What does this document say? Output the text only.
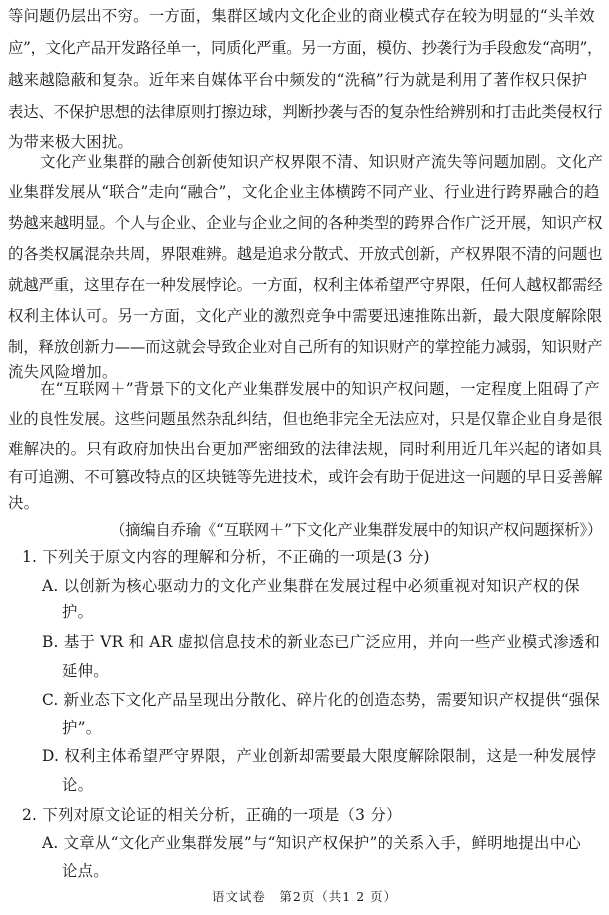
等问题仍层出不穷。一方面，集群区域内文化企业的商业模式存在较为明显的“头羊效
应”，文化产品开发路径单一，同质化严重。另一方面，模仿、抄袭行为手段愈发“高明”，
越来越隐蔽和复杂。近年来自媒体平台中频发的“洗稿”行为就是利用了著作权只保护
表达、不保护思想的法律原则打擦边球，判断抄袭与否的复杂性给辨别和打击此类侵权行
为带来极大困扰。
文化产业集群的融合创新使知识产权界限不清、知识财产流失等问题加剧。文化产
业集群发展从“联合”走向“融合”，文化企业主体横跨不同产业、行业进行跨界融合的趋
势越来越明显。个人与企业、企业与企业之间的各种类型的跨界合作广泛开展，知识产权
的各类权属混杂共周，界限难辨。越是追求分散式、开放式创新，产权界限不清的问题也
就越严重，这里存在一种发展悖论。一方面，权利主体希望严守界限，任何人越权都需经
权利主体认可。另一方面，文化产业的激烈竞争中需要迅速推陈出新，最大限度解除限
制，释放创新力——而这就会导致企业对自己所有的知识财产的掌控能力减弱，知识财产
流失风险增加。
在“互联网＋”背景下的文化产业集群发展中的知识产权问题，一定程度上阻碍了产
业的良性发展。这些问题虽然杂乱纠结，但也绝非完全无法应对，只是仅靠企业自身是很
难解决的。只有政府加快出台更加严密细致的法律法规，同时利用近几年兴起的诸如具
有可追溯、不可篡改特点的区块链等先进技术，或许会有助于促进这一问题的早日妥善解
决。
（摘编自乔瑜《“互联网＋”下文化产业集群发展中的知识产权问题探析》）
1. 下列关于原文内容的理解和分析，不正确的一项是(3 分)
A. 以创新为核心驱动力的文化产业集群在发展过程中必须重视对知识产权的保
护。
B. 基于 VR 和 AR 虚拟信息技术的新业态已广泛应用，并向一些产业模式渗透和
延伸。
C. 新业态下文化产品呈现出分散化、碎片化的创造态势，需要知识产权提供“强保
护”。
D. 权利主体希望严守界限，产业创新却需要最大限度解除限制，这是一种发展悖
论。
2. 下列对原文论证的相关分析，正确的一项是（3 分）
A. 文章从“文化产业集群发展”与“知识产权保护”的关系入手，鲜明地提出中心
论点。
语文试卷　第2页（共1 2 页）
